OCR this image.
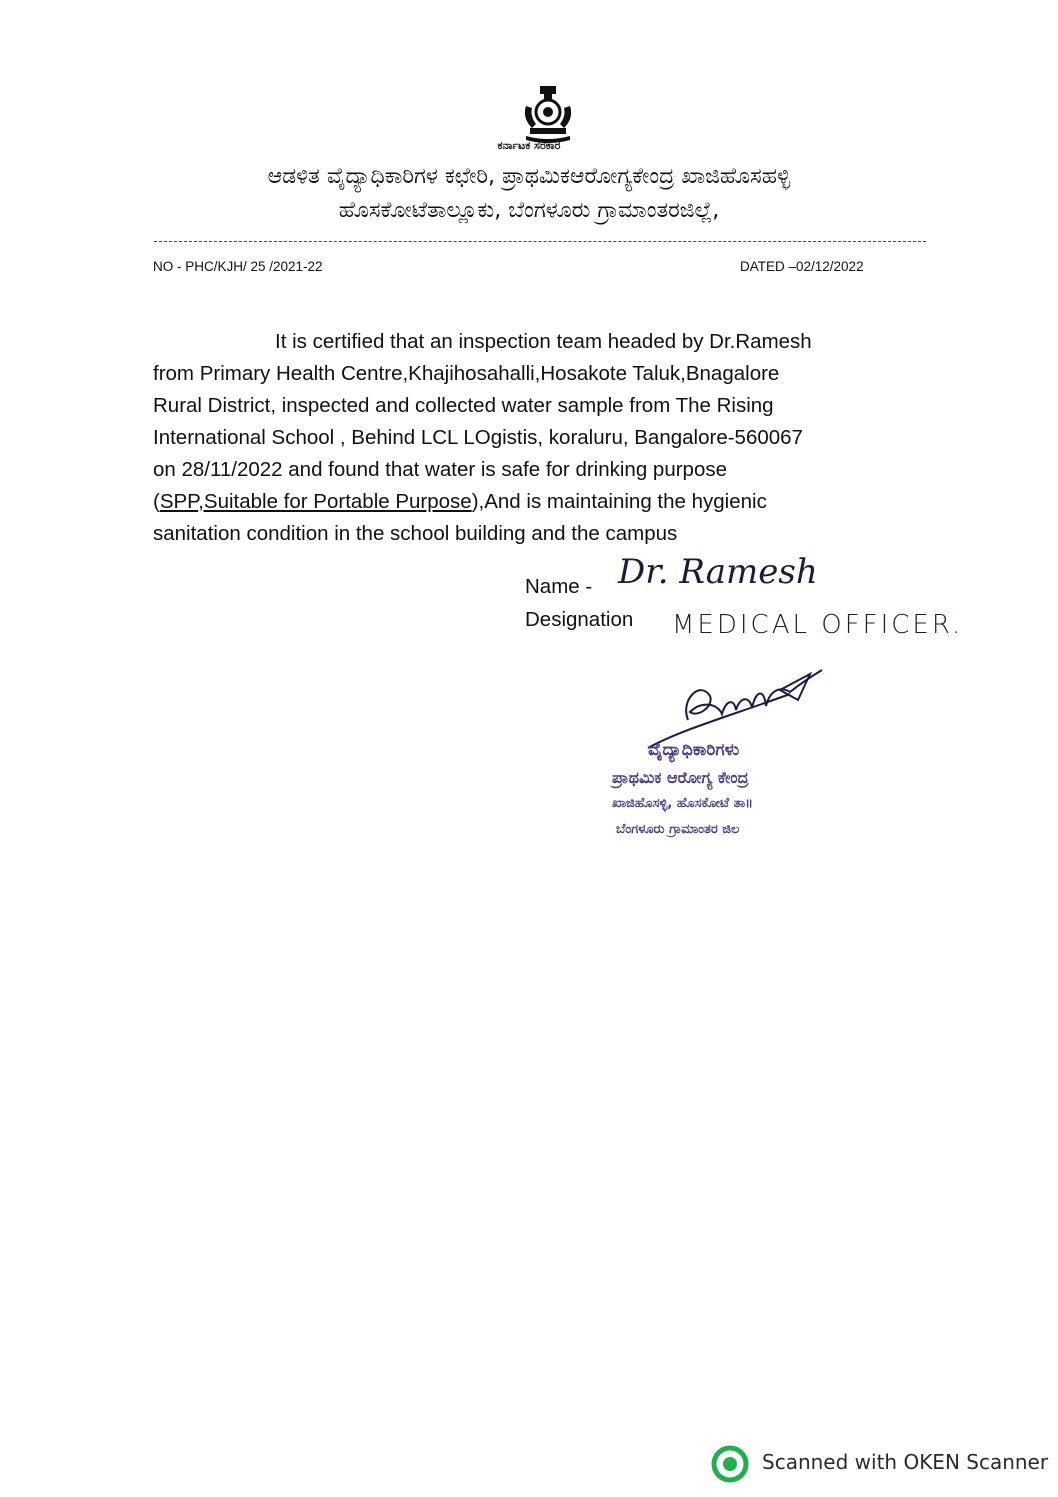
ಕರ್ನಾಟಕ ಸರಕಾರ
ಆಡಳಿತ ವೈದ್ಯಾಧಿಕಾರಿಗಳ ಕಛೇರಿ, ಪ್ರಾಥಮಿಕಆರೋಗ್ಯಕೇಂದ್ರ ಖಾಜಿಹೊಸಹಳ್ಳಿ
ಹೊಸಕೋಟೆತಾಲ್ಲೂಕು, ಬೆಂಗಳೂರು ಗ್ರಾಮಾಂತರಜಿಲ್ಲೆ,
NO - PHC/KJH/ 25 /2021-22	DATED –02/12/2022
It is certified that an inspection team headed by Dr.Ramesh
from Primary Health Centre,Khajihosahalli,Hosakote Taluk,Bnagalore
Rural District, inspected and collected water sample from The Rising
International School , Behind LCL LOgistis, koraluru, Bangalore-560067
on 28/11/2022 and found that water is safe for drinking purpose
(SPP,Suitable for Portable Purpose),And is maintaining the hygienic
sanitation condition in the school building and the campus
Name - Dr. Ramesh
Designation MEDICAL OFFICER.
ವೈದ್ಯಾಧಿಕಾರಿಗಳು
ಪ್ರಾಥಮಿಕ ಆರೋಗ್ಯ ಕೇಂದ್ರ
ಖಾಜಿಹೊಸಳ್ಳಿ, ಹೊಸಕೋಟೆ ತಾ॥
ಬೆಂಗಳೂರು ಗ್ರಾಮಾಂತರ ಜಿಲ
Scanned with OKEN Scanner
